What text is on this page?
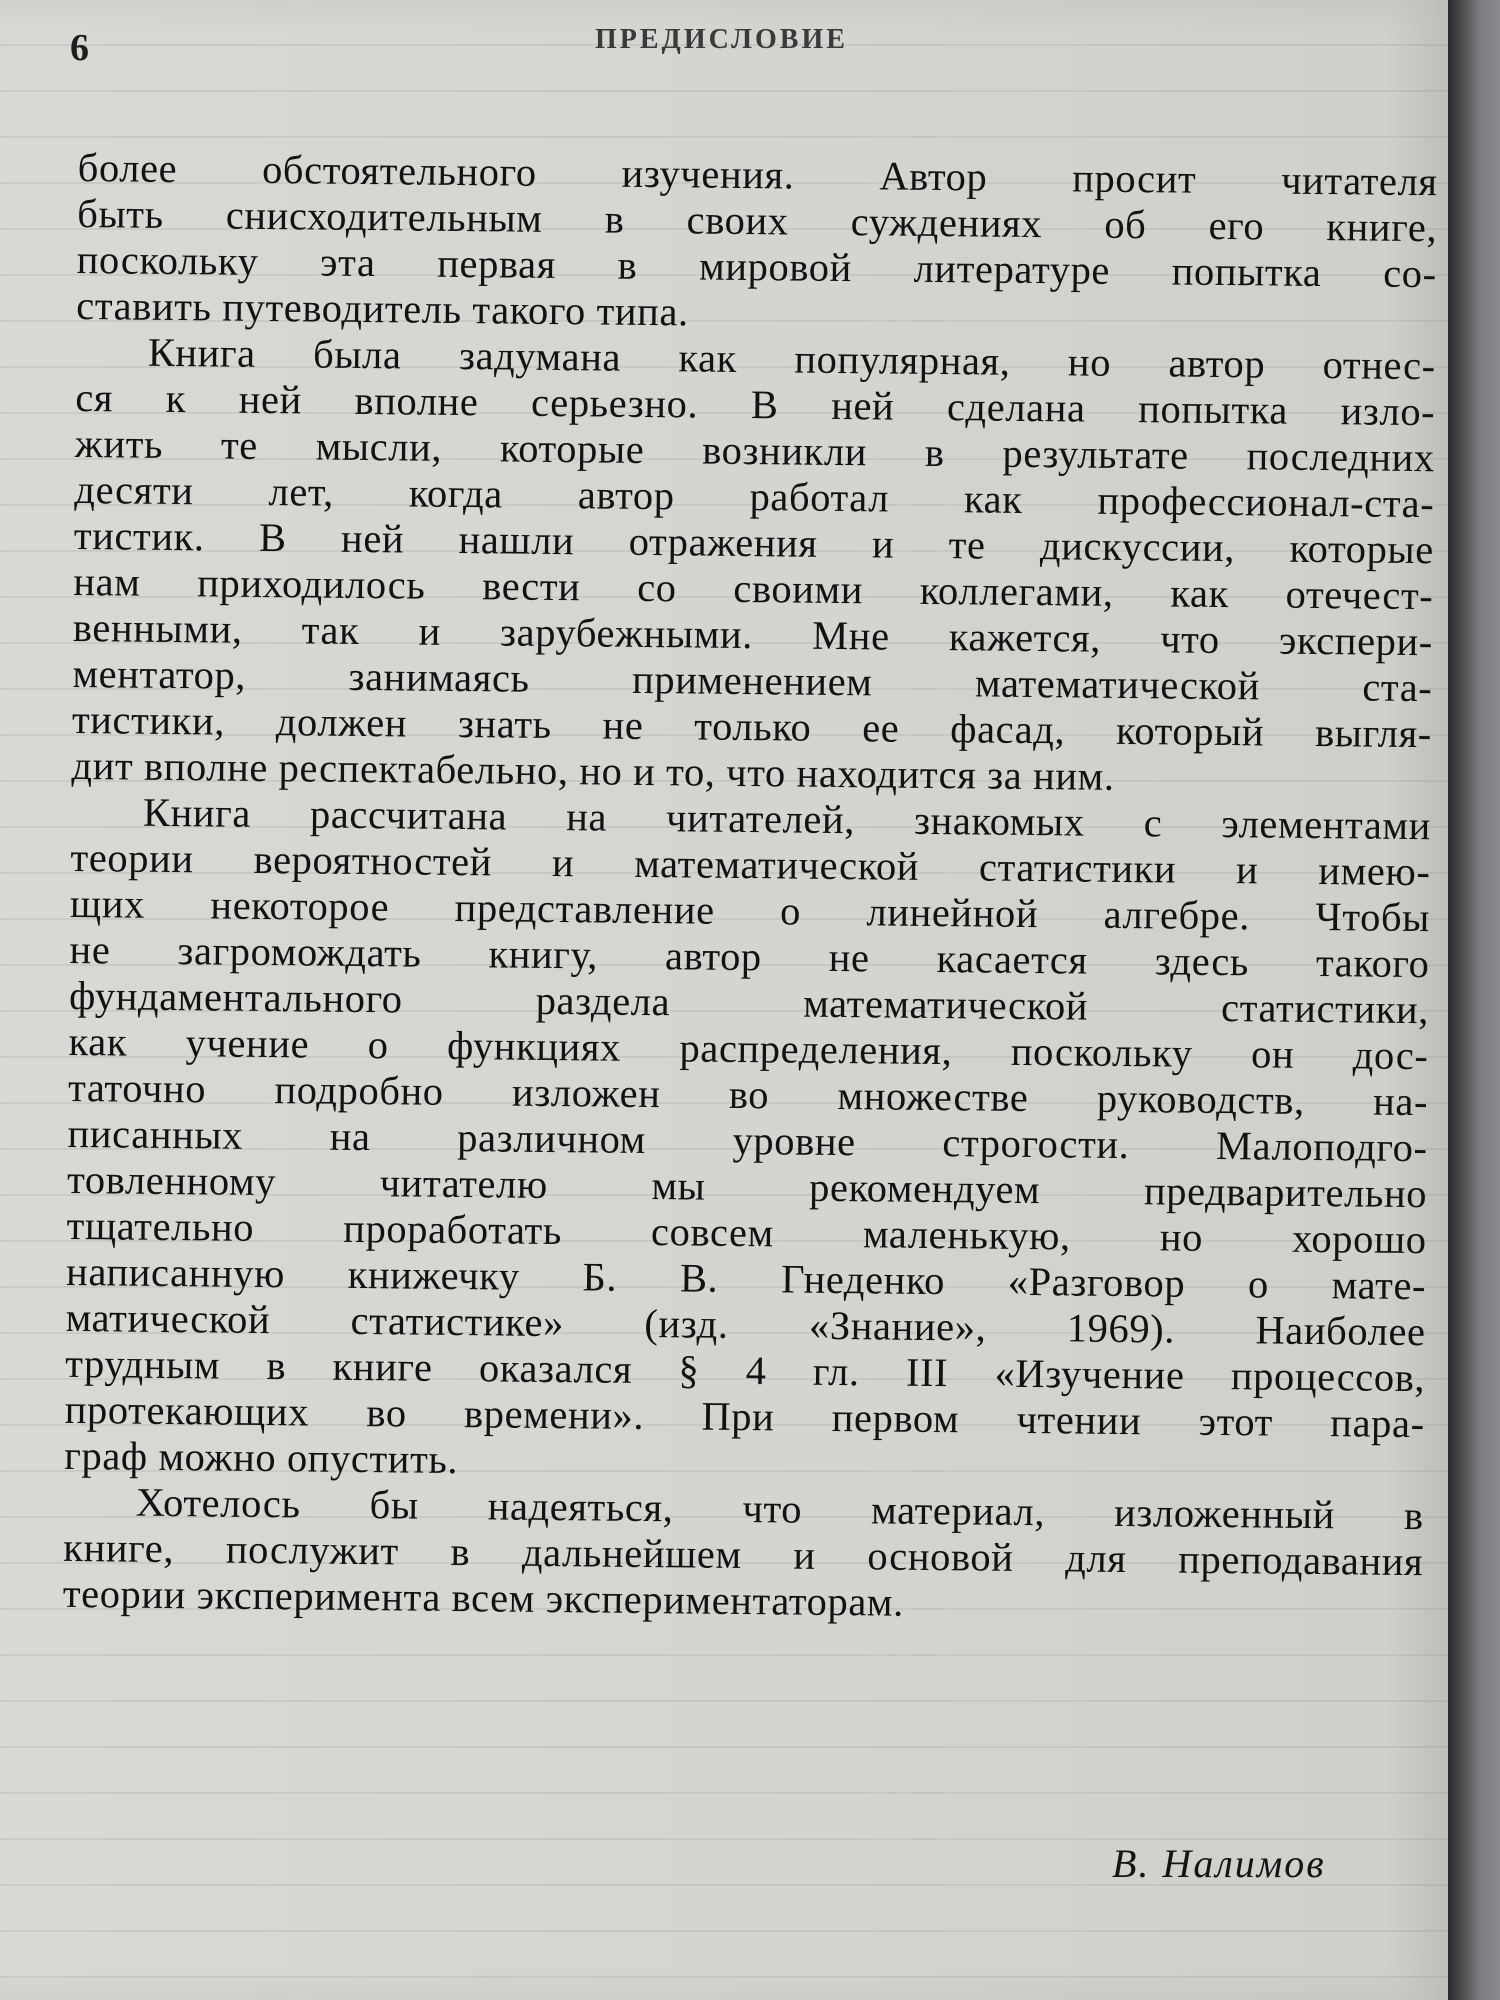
6	ПРЕДИСЛОВИЕ
более обстоятельного изучения. Автор просит читателя
быть снисходительным в своих суждениях об его книге,
поскольку эта первая в мировой литературе попытка со-
ставить путеводитель такого типа.
Книга была задумана как популярная, но автор отнес-
ся к ней вполне серьезно. В ней сделана попытка изло-
жить те мысли, которые возникли в результате последних
десяти лет, когда автор работал как профессионал-ста-
тистик. В ней нашли отражения и те дискуссии, которые
нам приходилось вести со своими коллегами, как отечест-
венными, так и зарубежными. Мне кажется, что экспери-
ментатор, занимаясь применением математической ста-
тистики, должен знать не только ее фасад, который выгля-
дит вполне респектабельно, но и то, что находится за ним.
Книга рассчитана на читателей, знакомых с элементами
теории вероятностей и математической статистики и имею-
щих некоторое представление о линейной алгебре. Чтобы
не загромождать книгу, автор не касается здесь такого
фундаментального раздела математической статистики,
как учение о функциях распределения, поскольку он дос-
таточно подробно изложен во множестве руководств, на-
писанных на различном уровне строгости. Малоподго-
товленному читателю мы рекомендуем предварительно
тщательно проработать совсем маленькую, но хорошо
написанную книжечку Б. В. Гнеденко «Разговор о мате-
матической статистике» (изд. «Знание», 1969). Наиболее
трудным в книге оказался § 4 гл. III «Изучение процессов,
протекающих во времени». При первом чтении этот пара-
граф можно опустить.
Хотелось бы надеяться, что материал, изложенный в
книге, послужит в дальнейшем и основой для преподавания
теории эксперимента всем экспериментаторам.
В. Налимов
